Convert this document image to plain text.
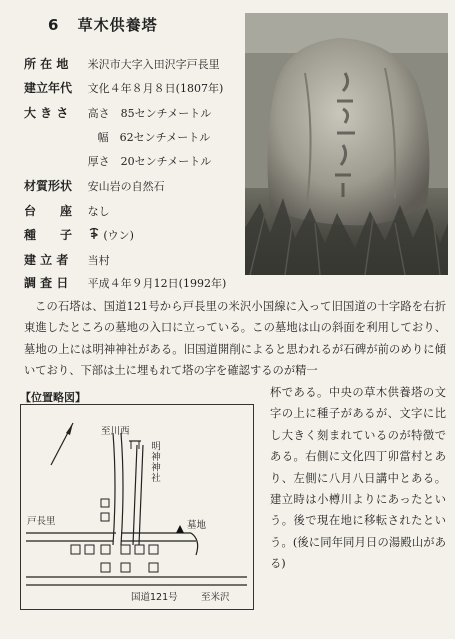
6 草木供養塔
所 在 地 米沢市大字入田沢字戸長里
建立年代 文化４年８月８日(1807年)
大 き さ 高さ　85センチメートル
幅　62センチメートル
厚さ　20センチメートル
材質形状 安山岩の自然石
台　　座 なし
種　　子	(ウン)
建 立 者 当村
調 査 日 平成４年９月12日(1992年)
この石塔は、国道121号から戸長里の米沢小国線に入って旧国道の十字路を右折東進したところの墓地の入口に立っている。この墓地は山の斜面を利用しており、墓地の上には明神神社がある。旧国道開削によると思われるが石碑が前のめりに傾いており、下部は土に埋もれて塔の字を確認するのが精一
【位置略図】	杯である。中央の草木供養塔の文字の上に種子があるが、文字に比し大きく刻まれているのが特徴である。右側に文化四丁卯當村とあり、左側に八月八日講中とある。建立時は小樽川よりにあったという。後で現在地に移転されたという。(後に同年同月日の湯殿山がある)
至川西
明神神社
戸長里	墓地
国道121号 至米沢
